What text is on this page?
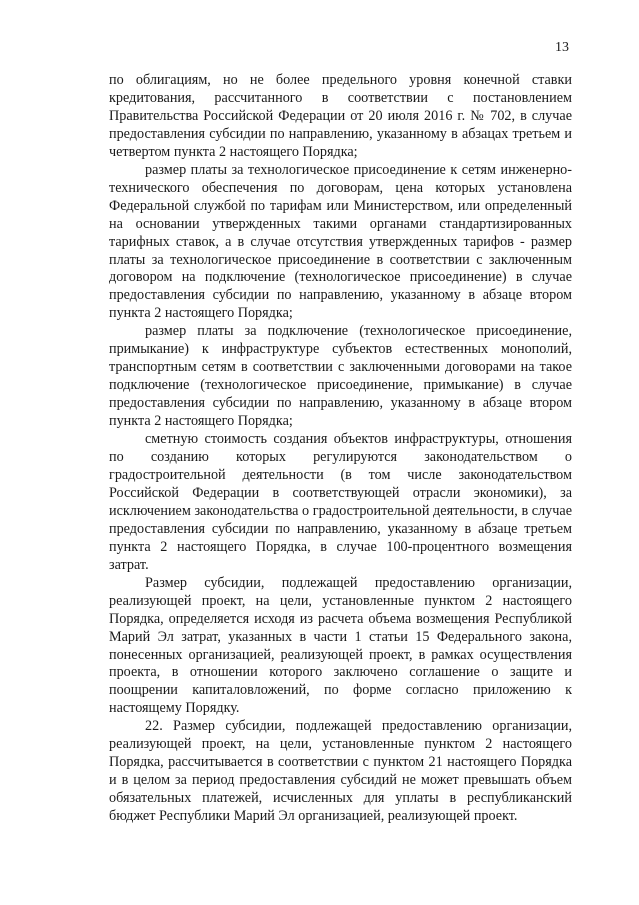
13

по облигациям, но не более предельного уровня конечной ставки кредитования, рассчитанного в соответствии с постановлением Правительства Российской Федерации от 20 июля 2016 г. № 702, в случае предоставления субсидии по направлению, указанному в абзацах третьем и четвертом пункта 2 настоящего Порядка;

размер платы за технологическое присоединение к сетям инженерно-технического обеспечения по договорам, цена которых установлена Федеральной службой по тарифам или Министерством, или определенный на основании утвержденных такими органами стандартизированных тарифных ставок, а в случае отсутствия утвержденных тарифов - размер платы за технологическое присоединение в соответствии с заключенным договором на подключение (технологическое присоединение) в случае предоставления субсидии по направлению, указанному в абзаце втором пункта 2 настоящего Порядка;

размер платы за подключение (технологическое присоединение, примыкание) к инфраструктуре субъектов естественных монополий, транспортным сетям в соответствии с заключенными договорами на такое подключение (технологическое присоединение, примыкание) в случае предоставления субсидии по направлению, указанному в абзаце втором пункта 2 настоящего Порядка;

сметную стоимость создания объектов инфраструктуры, отношения по созданию которых регулируются законодательством о градостроительной деятельности (в том числе законодательством Российской Федерации в соответствующей отрасли экономики), за исключением законодательства о градостроительной деятельности, в случае предоставления субсидии по направлению, указанному в абзаце третьем пункта 2 настоящего Порядка, в случае 100-процентного возмещения затрат.

Размер субсидии, подлежащей предоставлению организации, реализующей проект, на цели, установленные пунктом 2 настоящего Порядка, определяется исходя из расчета объема возмещения Республикой Марий Эл затрат, указанных в части 1 статьи 15 Федерального закона, понесенных организацией, реализующей проект, в рамках осуществления проекта, в отношении которого заключено соглашение о защите и поощрении капиталовложений, по форме согласно приложению к настоящему Порядку.

22. Размер субсидии, подлежащей предоставлению организации, реализующей проект, на цели, установленные пунктом 2 настоящего Порядка, рассчитывается в соответствии с пунктом 21 настоящего Порядка и в целом за период предоставления субсидий не может превышать объем обязательных платежей, исчисленных для уплаты в республиканский бюджет Республики Марий Эл организацией, реализующей проект.
